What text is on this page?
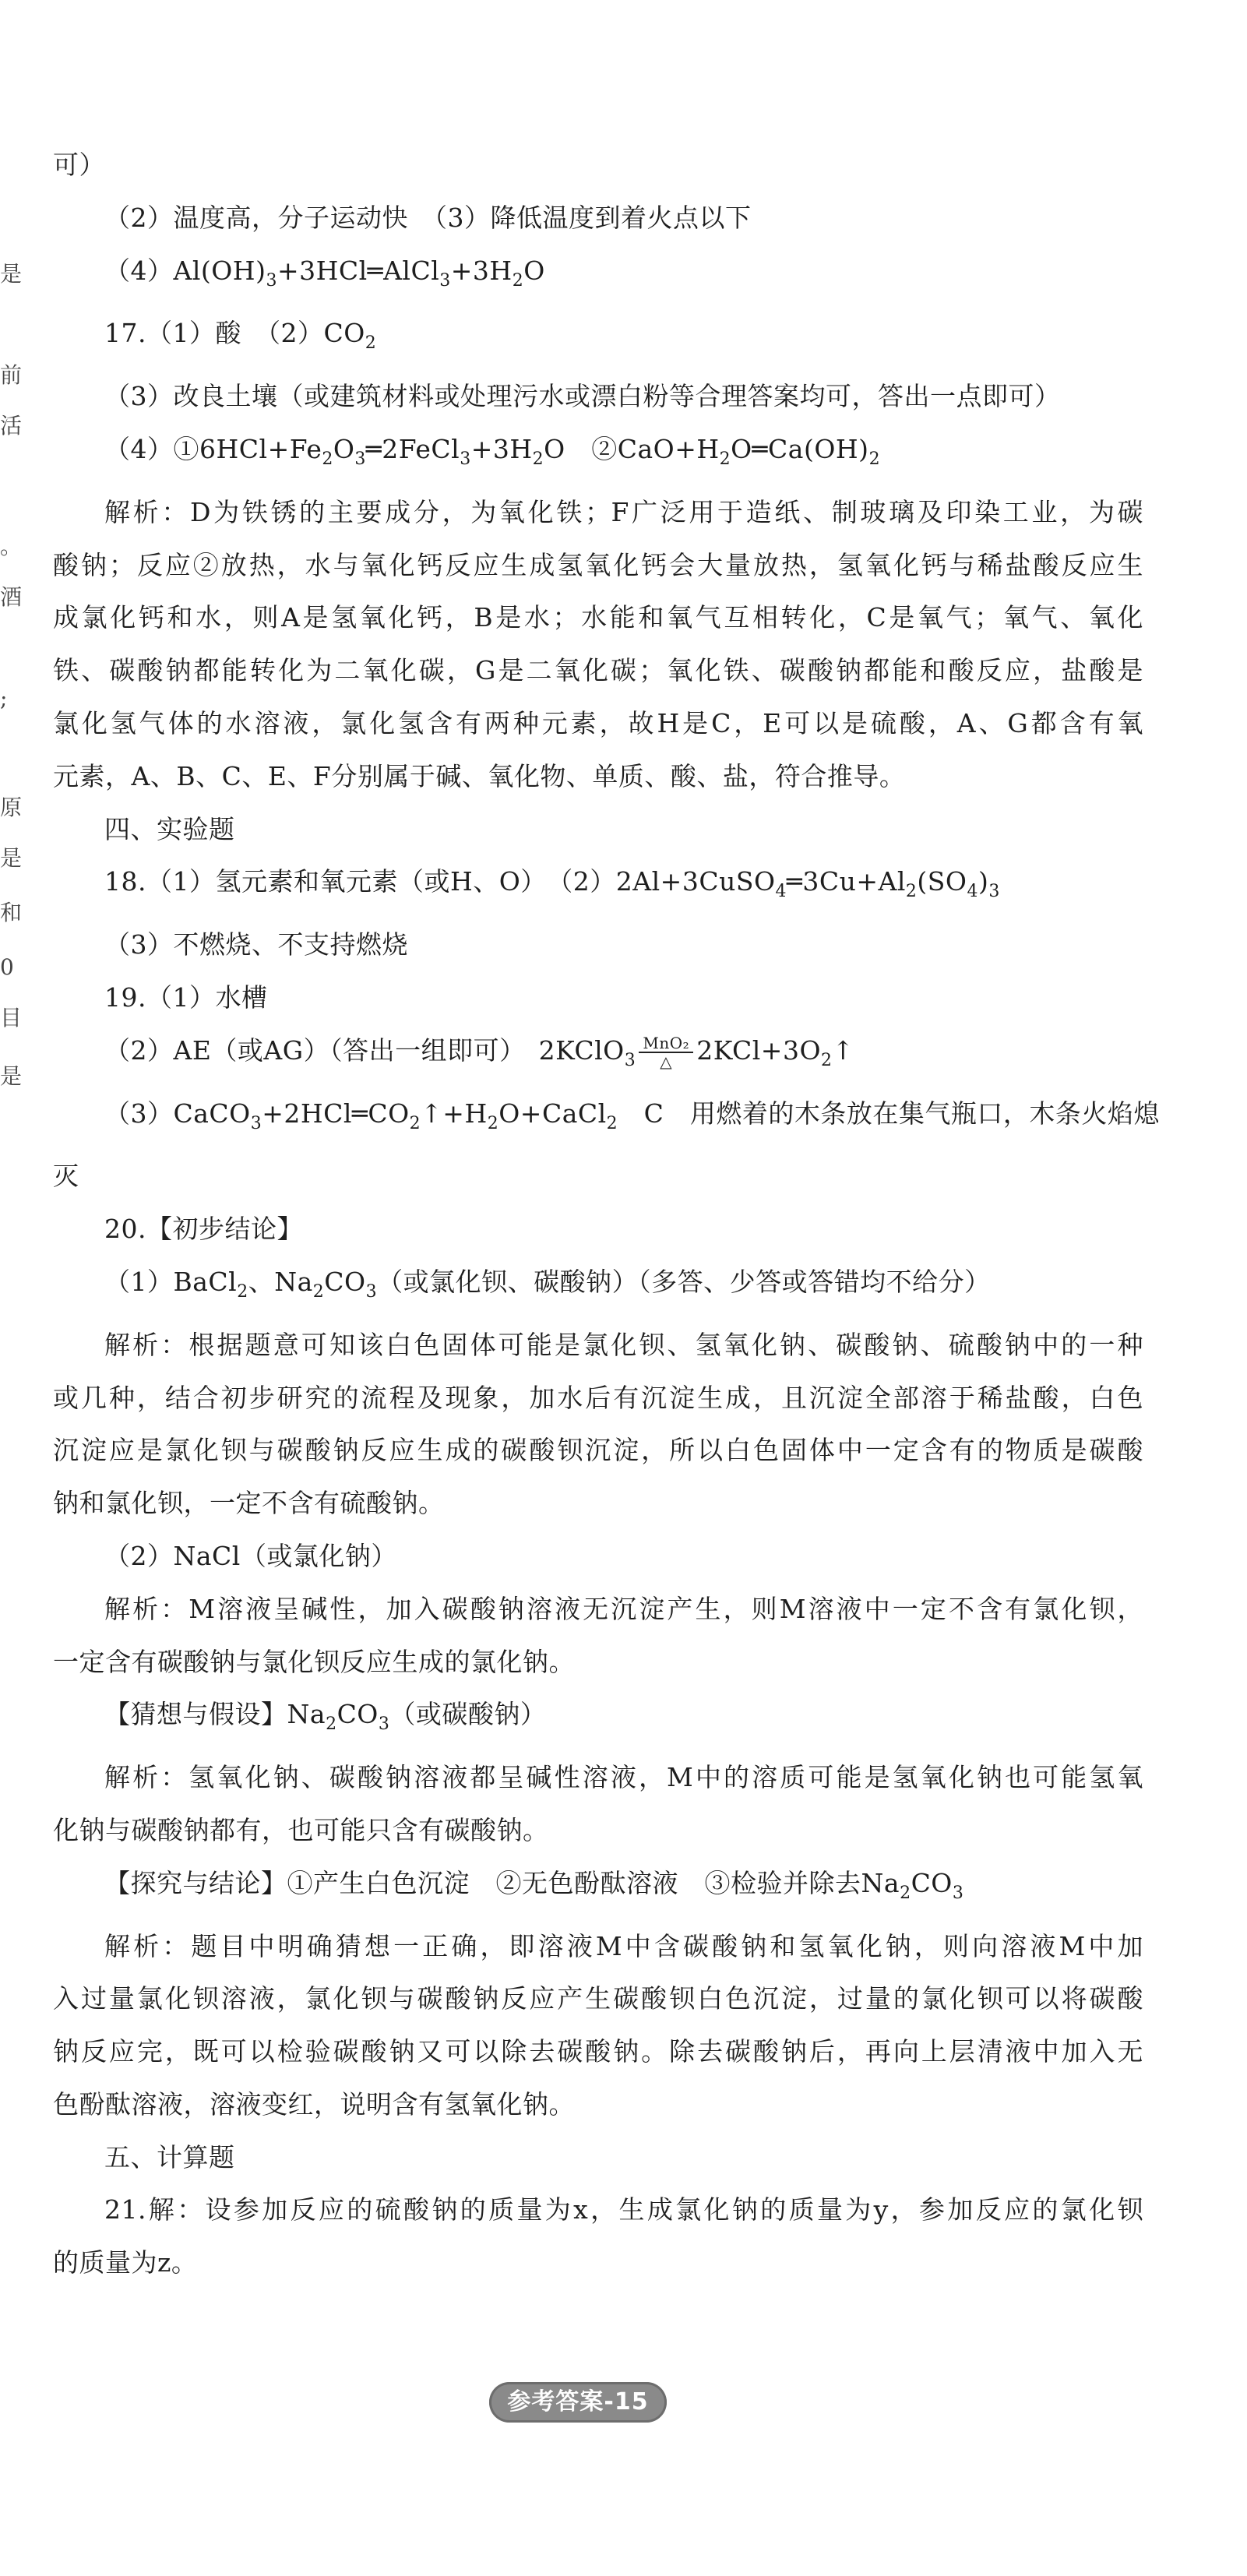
是
前
活
。
酒
;
原
是
和
0
目
是
可）
（2）温度高，分子运动快　（3）降低温度到着火点以下
$(4)Al(OH)_3+3HCl═AlCl_3+3H_2O$
17.（1）酸　$(2)CO_2$
（3）改良土壤（或建筑材料或处理污水或漂白粉等合理答案均可，答出一点即可）
$(4)①6HCl+Fe_2O_3═2FeCl_3+3H_2O$　$②CaO+H_2O═Ca(OH)_2$
解析：D为铁锈的主要成分，为氧化铁；F广泛用于造纸、制玻璃及印染工业，为碳
酸钠；反应②放热，水与氧化钙反应生成氢氧化钙会大量放热，氢氧化钙与稀盐酸反应生
成氯化钙和水，则A是氢氧化钙，B是水；水能和氧气互相转化，C是氧气；氧气、氧化
铁、碳酸钠都能转化为二氧化碳，G是二氧化碳；氧化铁、碳酸钠都能和酸反应，盐酸是
氯化氢气体的水溶液，氯化氢含有两种元素，故H是C，E可以是硫酸，A、G都含有氧
元素，A、B、C、E、F分别属于碱、氧化物、单质、酸、盐，符合推导。
四、实验题
18.（1）氢元素和氧元素（或H、O）　$(2)2Al+3CuSO_4═3Cu+Al_2(SO_4)_3$
（3）不燃烧、不支持燃烧
19.（1）水槽
（2）AE（或AG）（答出一组即可）　2KClO$_3$ $\frac{\text{MnO₂}}{\triangle}$ $2KCl+3O_2↑$
$(3)CaCO_3+2HCl═CO_2↑+H_2O+CaCl_2$　C　用燃着的木条放在集气瓶口，木条火焰熄
灭
20.【初步结论】
（1）BaCl$_2$、$Na_2CO_3$（或氯化钡、碳酸钠）（多答、少答或答错均不给分）
解析：根据题意可知该白色固体可能是氯化钡、氢氧化钠、碳酸钠、硫酸钠中的一种
或几种，结合初步研究的流程及现象，加水后有沉淀生成，且沉淀全部溶于稀盐酸，白色
沉淀应是氯化钡与碳酸钠反应生成的碳酸钡沉淀，所以白色固体中一定含有的物质是碳酸
钠和氯化钡，一定不含有硫酸钠。
（2）NaCl（或氯化钠）
解析：M溶液呈碱性，加入碳酸钠溶液无沉淀产生，则M溶液中一定不含有氯化钡，
一定含有碳酸钠与氯化钡反应生成的氯化钠。
【猜想与假设】$Na_2CO_3$（或碳酸钠）
解析：氢氧化钠、碳酸钠溶液都呈碱性溶液，M中的溶质可能是氢氧化钠也可能氢氧
化钠与碳酸钠都有，也可能只含有碳酸钠。
【探究与结论】①产生白色沉淀　②无色酚酞溶液　③检验并除去$Na_2CO_3$
解析：题目中明确猜想一正确，即溶液M中含碳酸钠和氢氧化钠，则向溶液M中加
入过量氯化钡溶液，氯化钡与碳酸钠反应产生碳酸钡白色沉淀，过量的氯化钡可以将碳酸
钠反应完，既可以检验碳酸钠又可以除去碳酸钠。除去碳酸钠后，再向上层清液中加入无
色酚酞溶液，溶液变红，说明含有氢氧化钠。
五、计算题
21.解：设参加反应的硫酸钠的质量为x，生成氯化钠的质量为y，参加反应的氯化钡
的质量为z。
参考答案-15
